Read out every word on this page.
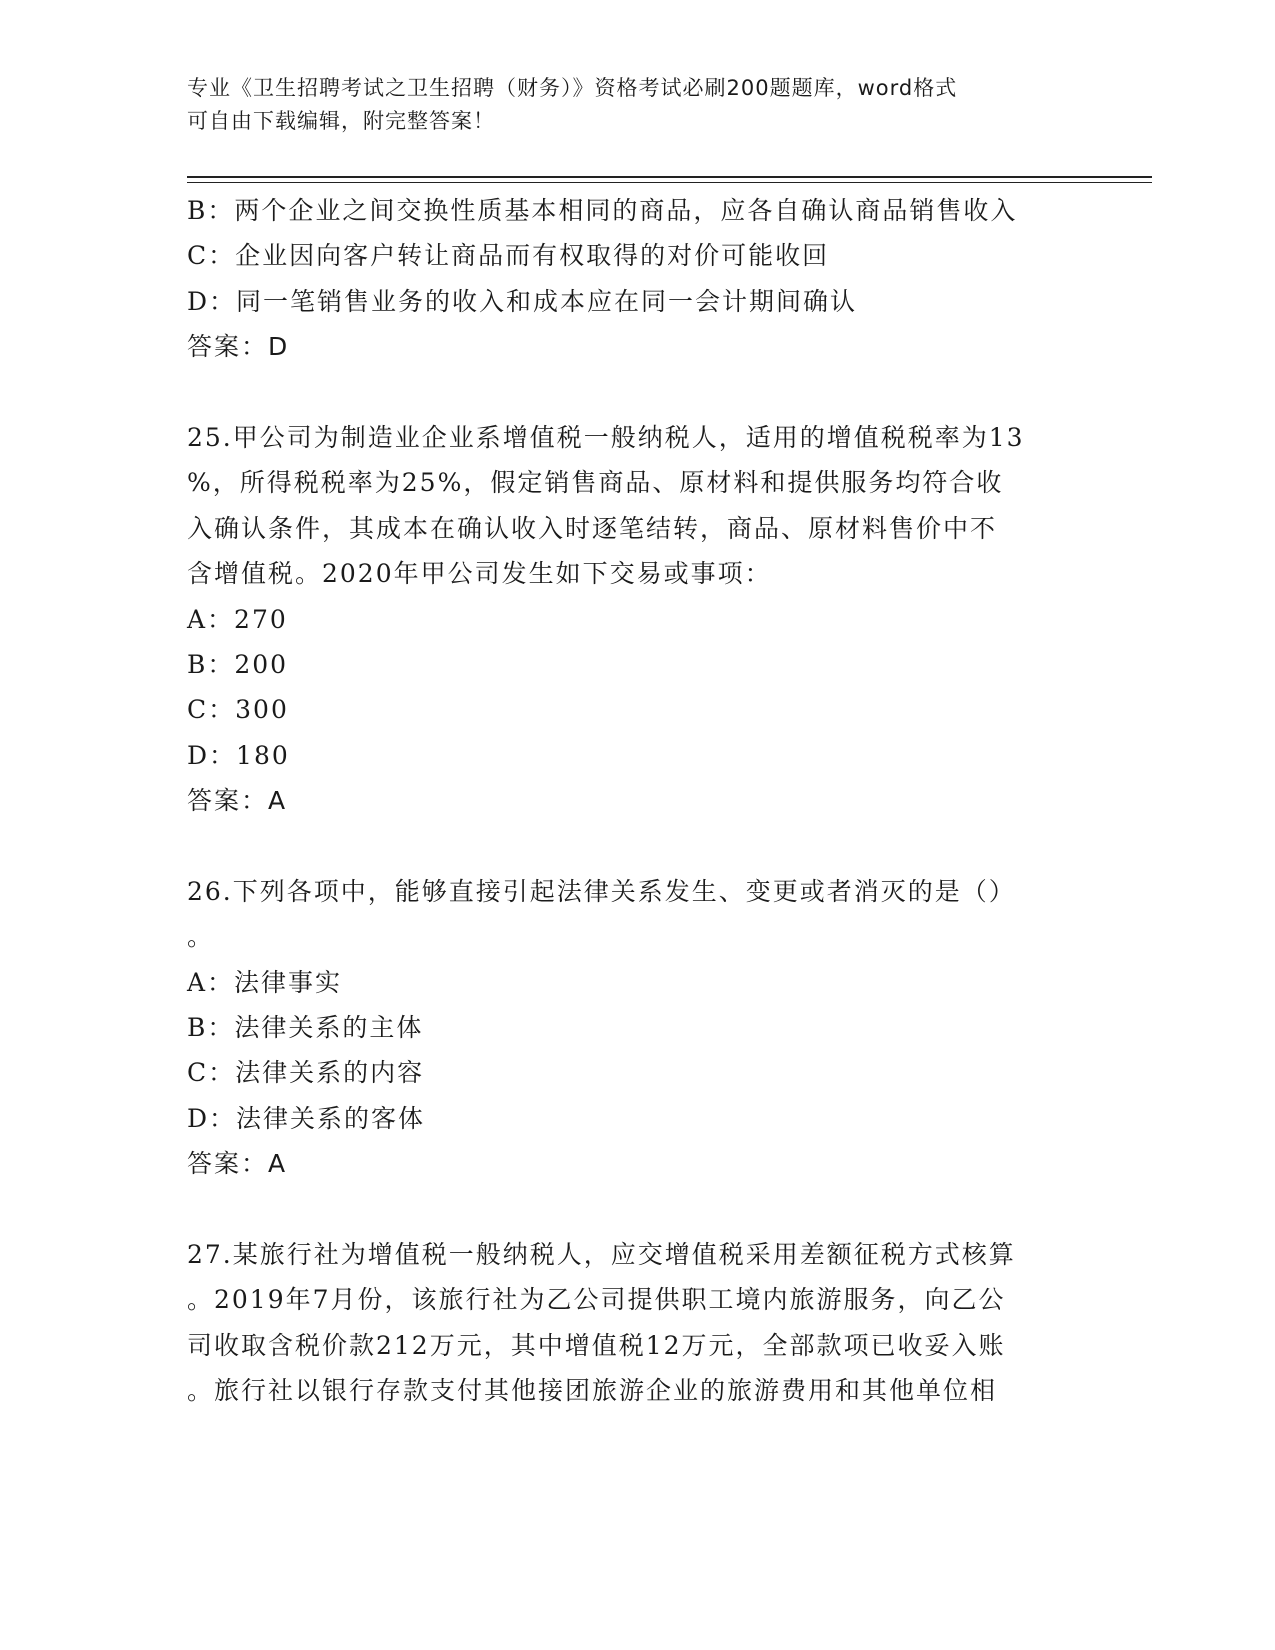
专业《卫生招聘考试之卫生招聘（财务）》资格考试必刷200题题库，word格式
可自由下载编辑，附完整答案！
B：两个企业之间交换性质基本相同的商品，应各自确认商品销售收入
C：企业因向客户转让商品而有权取得的对价可能收回
D：同一笔销售业务的收入和成本应在同一会计期间确认
答案：D
25.甲公司为制造业企业系增值税一般纳税人，适用的增值税税率为13
%，所得税税率为25%，假定销售商品、原材料和提供服务均符合收
入确认条件，其成本在确认收入时逐笔结转，商品、原材料售价中不
含增值税。2020年甲公司发生如下交易或事项：
A：270
B：200
C：300
D：180
答案：A
26.下列各项中，能够直接引起法律关系发生、变更或者消灭的是（）
。
A：法律事实
B：法律关系的主体
C：法律关系的内容
D：法律关系的客体
答案：A
27.某旅行社为增值税一般纳税人，应交增值税采用差额征税方式核算
。2019年7月份，该旅行社为乙公司提供职工境内旅游服务，向乙公
司收取含税价款212万元，其中增值税12万元，全部款项已收妥入账
。旅行社以银行存款支付其他接团旅游企业的旅游费用和其他单位相
